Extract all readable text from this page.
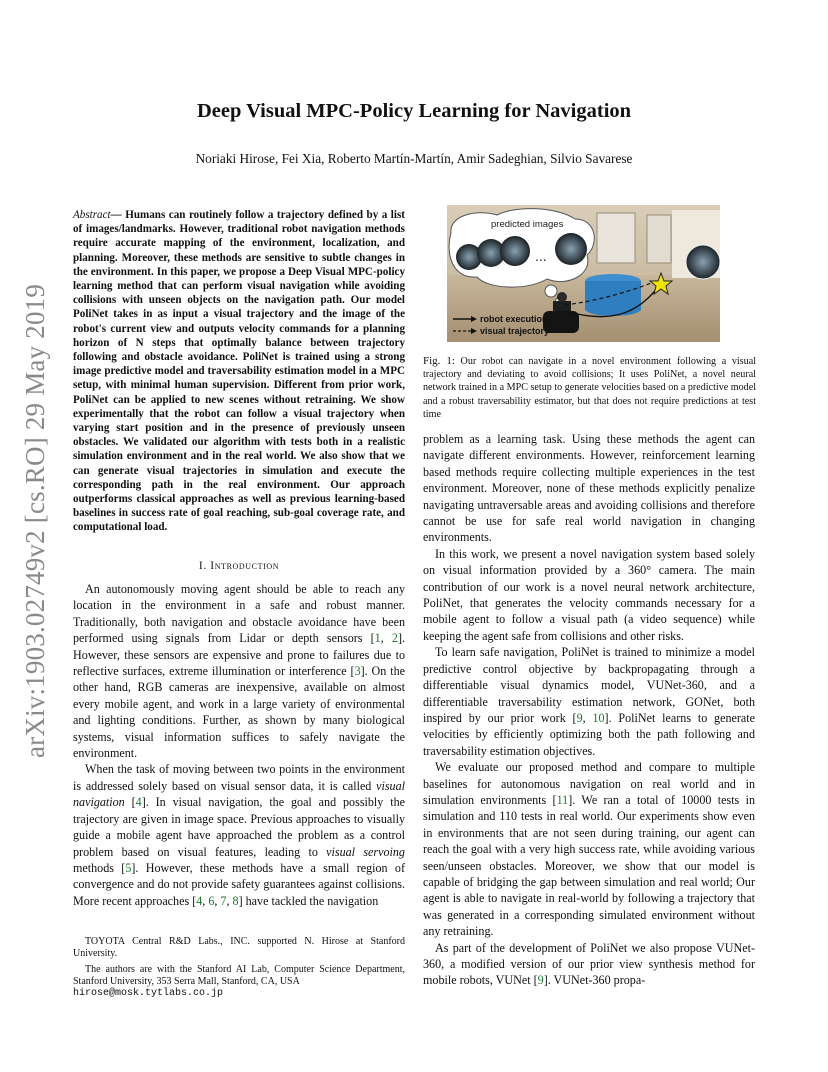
arXiv:1903.02749v2 [cs.RO] 29 May 2019
Deep Visual MPC-Policy Learning for Navigation
Noriaki Hirose, Fei Xia, Roberto Martín-Martín, Amir Sadeghian, Silvio Savarese
Abstract— Humans can routinely follow a trajectory defined by a list of images/landmarks. However, traditional robot navigation methods require accurate mapping of the environment, localization, and planning. Moreover, these methods are sensitive to subtle changes in the environment. In this paper, we propose a Deep Visual MPC-policy learning method that can perform visual navigation while avoiding collisions with unseen objects on the navigation path. Our model PoliNet takes in as input a visual trajectory and the image of the robot's current view and outputs velocity commands for a planning horizon of N steps that optimally balance between trajectory following and obstacle avoidance. PoliNet is trained using a strong image predictive model and traversability estimation model in a MPC setup, with minimal human supervision. Different from prior work, PoliNet can be applied to new scenes without retraining. We show experimentally that the robot can follow a visual trajectory when varying start position and in the presence of previously unseen obstacles. We validated our algorithm with tests both in a realistic simulation environment and in the real world. We also show that we can generate visual trajectories in simulation and execute the corresponding path in the real environment. Our approach outperforms classical approaches as well as previous learning-based baselines in success rate of goal reaching, sub-goal coverage rate, and computational load.
I. Introduction

An autonomously moving agent should be able to reach any location in the environment in a safe and robust manner. Traditionally, both navigation and obstacle avoidance have been performed using signals from Lidar or depth sensors [1, 2]. However, these sensors are expensive and prone to failures due to reflective surfaces, extreme illumination or interference [3]. On the other hand, RGB cameras are inexpensive, available on almost every mobile agent, and work in a large variety of environmental and lighting conditions. Further, as shown by many biological systems, visual information suffices to safely navigate the environment.

When the task of moving between two points in the environment is addressed solely based on visual sensor data, it is called visual navigation [4]. In visual navigation, the goal and possibly the trajectory are given in image space. Previous approaches to visually guide a mobile agent have approached the problem as a control problem based on visual features, leading to visual servoing methods [5]. However, these methods have a small region of convergence and do not provide safety guarantees against collisions. More recent approaches [4, 6, 7, 8] have tackled the navigation

TOYOTA Central R&D Labs., INC. supported N. Hirose at Stanford University.

The authors are with the Stanford AI Lab, Computer Science Department, Stanford University, 353 Serra Mall, Stanford, CA, USA

hirose@mosk.tytlabs.co.jp
predicted images
...
robot execution
visual trajectory
Fig. 1: Our robot can navigate in a novel environment following a visual trajectory and deviating to avoid collisions; It uses PoliNet, a novel neural network trained in a MPC setup to generate velocities based on a predictive model and a robust traversability estimator, but that does not require predictions at test time

problem as a learning task. Using these methods the agent can navigate different environments. However, reinforcement learning based methods require collecting multiple experiences in the test environment. Moreover, none of these methods explicitly penalize navigating untraversable areas and avoiding collisions and therefore cannot be use for safe real world navigation in changing environments.

In this work, we present a novel navigation system based solely on visual information provided by a 360° camera. The main contribution of our work is a novel neural network architecture, PoliNet, that generates the velocity commands necessary for a mobile agent to follow a visual path (a video sequence) while keeping the agent safe from collisions and other risks.

To learn safe navigation, PoliNet is trained to minimize a model predictive control objective by backpropagating through a differentiable visual dynamics model, VUNet-360, and a differentiable traversability estimation network, GONet, both inspired by our prior work [9, 10]. PoliNet learns to generate velocities by efficiently optimizing both the path following and traversability estimation objectives.

We evaluate our proposed method and compare to multiple baselines for autonomous navigation on real world and in simulation environments [11]. We ran a total of 10000 tests in simulation and 110 tests in real world. Our experiments show even in environments that are not seen during training, our agent can reach the goal with a very high success rate, while avoiding various seen/unseen obstacles. Moreover, we show that our model is capable of bridging the gap between simulation and real world; Our agent is able to navigate in real-world by following a trajectory that was generated in a corresponding simulated environment without any retraining.

As part of the development of PoliNet we also propose VUNet-360, a modified version of our prior view synthesis method for mobile robots, VUNet [9]. VUNet-360 propa-
